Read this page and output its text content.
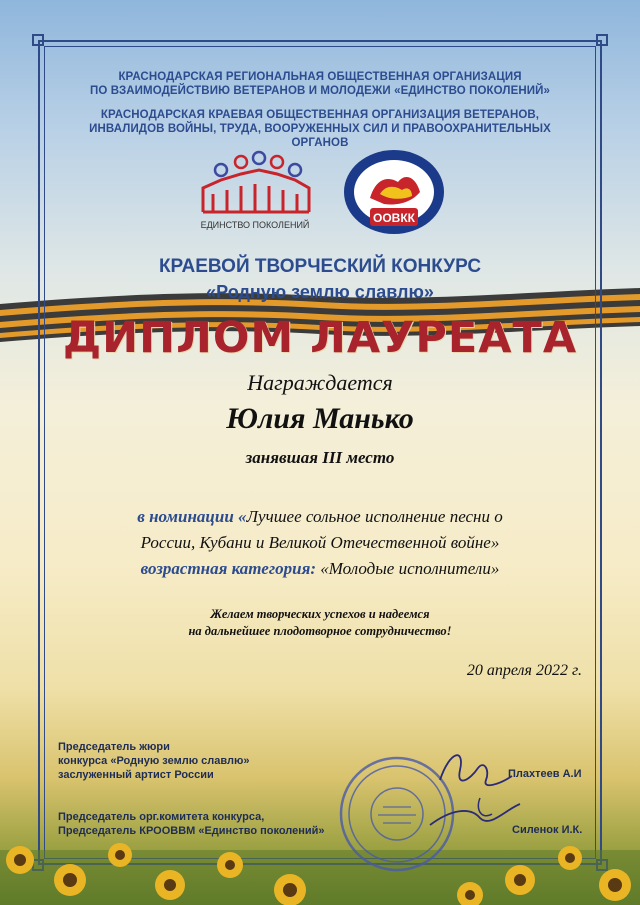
КРАСНОДАРСКАЯ РЕГИОНАЛЬНАЯ ОБЩЕСТВЕННАЯ ОРГАНИЗАЦИЯ
ПО ВЗАИМОДЕЙСТВИЮ ВЕТЕРАНОВ И МОЛОДЕЖИ «ЕДИНСТВО ПОКОЛЕНИЙ»
КРАСНОДАРСКАЯ КРАЕВАЯ ОБЩЕСТВЕННАЯ ОРГАНИЗАЦИЯ ВЕТЕРАНОВ,
ИНВАЛИДОВ ВОЙНЫ, ТРУДА, ВООРУЖЕННЫХ СИЛ И ПРАВООХРАНИТЕЛЬНЫХ ОРГАНОВ
ЕДИНСТВО ПОКОЛЕНИЙ	ООВКК
КРАЕВОЙ ТВОРЧЕСКИЙ КОНКУРС
«Родную землю славлю»
ДИПЛОМ ЛАУРЕАТА
Награждается
Юлия Манько
занявшая III место
в номинации «Лучшее сольное исполнение песни о
России, Кубани и Великой Отечественной войне»
возрастная категория: «Молодые исполнители»
Желаем творческих успехов и надеемся
на дальнейшее плодотворное сотрудничество!
20 апреля 2022 г.
Председатель жюри
конкурса «Родную землю славлю»
заслуженный артист России	Плахтеев А.И
Председатель орг.комитета конкурса,
Председатель КРООВВМ «Единство поколений»	Силенок И.К.
